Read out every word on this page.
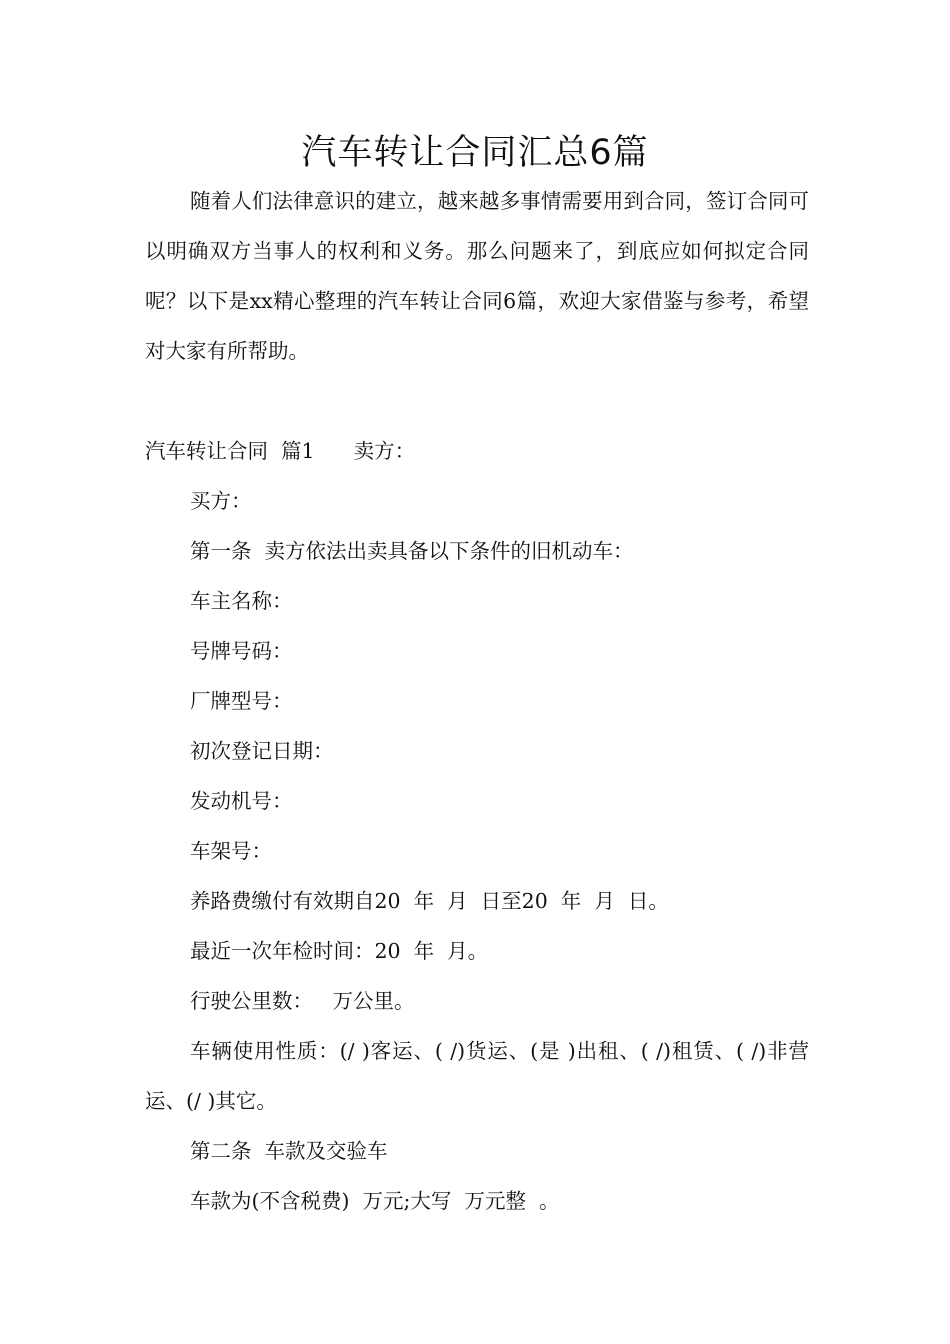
汽车转让合同汇总6篇

随着人们法律意识的建立，越来越多事情需要用到合同，签订合同可以明确双方当事人的权利和义务。那么问题来了，到底应如何拟定合同呢？以下是xx精心整理的汽车转让合同6篇，欢迎大家借鉴与参考，希望对大家有所帮助。

汽车转让合同  篇1      卖方：

买方：

第一条  卖方依法出卖具备以下条件的旧机动车：

车主名称：

号牌号码：

厂牌型号：

初次登记日期：

发动机号：

车架号：

养路费缴付有效期自20  年  月  日至20  年  月  日。

最近一次年检时间：20  年  月。

行驶公里数：   万公里。

车辆使用性质：(/ )客运、( /)货运、(是 )出租、( /)租赁、( /)非营运、(/ )其它。

第二条  车款及交验车

车款为(不含税费)  万元;大写  万元整  。
